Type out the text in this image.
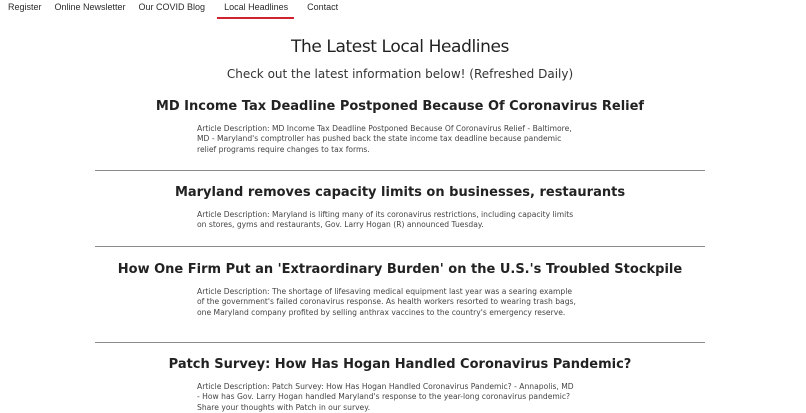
Register Online Newsletter Our COVID Blog	Local Headlines	Contact
The Latest Local Headlines

Check out the latest information below! (Refreshed Daily)

MD Income Tax Deadline Postponed Because Of Coronavirus Relief

Article Description: MD Income Tax Deadline Postponed Because Of Coronavirus Relief - Baltimore, MD - Maryland's comptroller has pushed back the state income tax deadline because pandemic relief programs require changes to tax forms.

Maryland removes capacity limits on businesses, restaurants

Article Description: Maryland is lifting many of its coronavirus restrictions, including capacity limits on stores, gyms and restaurants, Gov. Larry Hogan (R) announced Tuesday.

How One Firm Put an 'Extraordinary Burden' on the U.S.'s Troubled Stockpile

Article Description: The shortage of lifesaving medical equipment last year was a searing example of the government's failed coronavirus response. As health workers resorted to wearing trash bags, one Maryland company profited by selling anthrax vaccines to the country's emergency reserve.

Patch Survey: How Has Hogan Handled Coronavirus Pandemic?

Article Description: Patch Survey: How Has Hogan Handled Coronavirus Pandemic? - Annapolis, MD - How has Gov. Larry Hogan handled Maryland's response to the year-long coronavirus pandemic? Share your thoughts with Patch in our survey.
